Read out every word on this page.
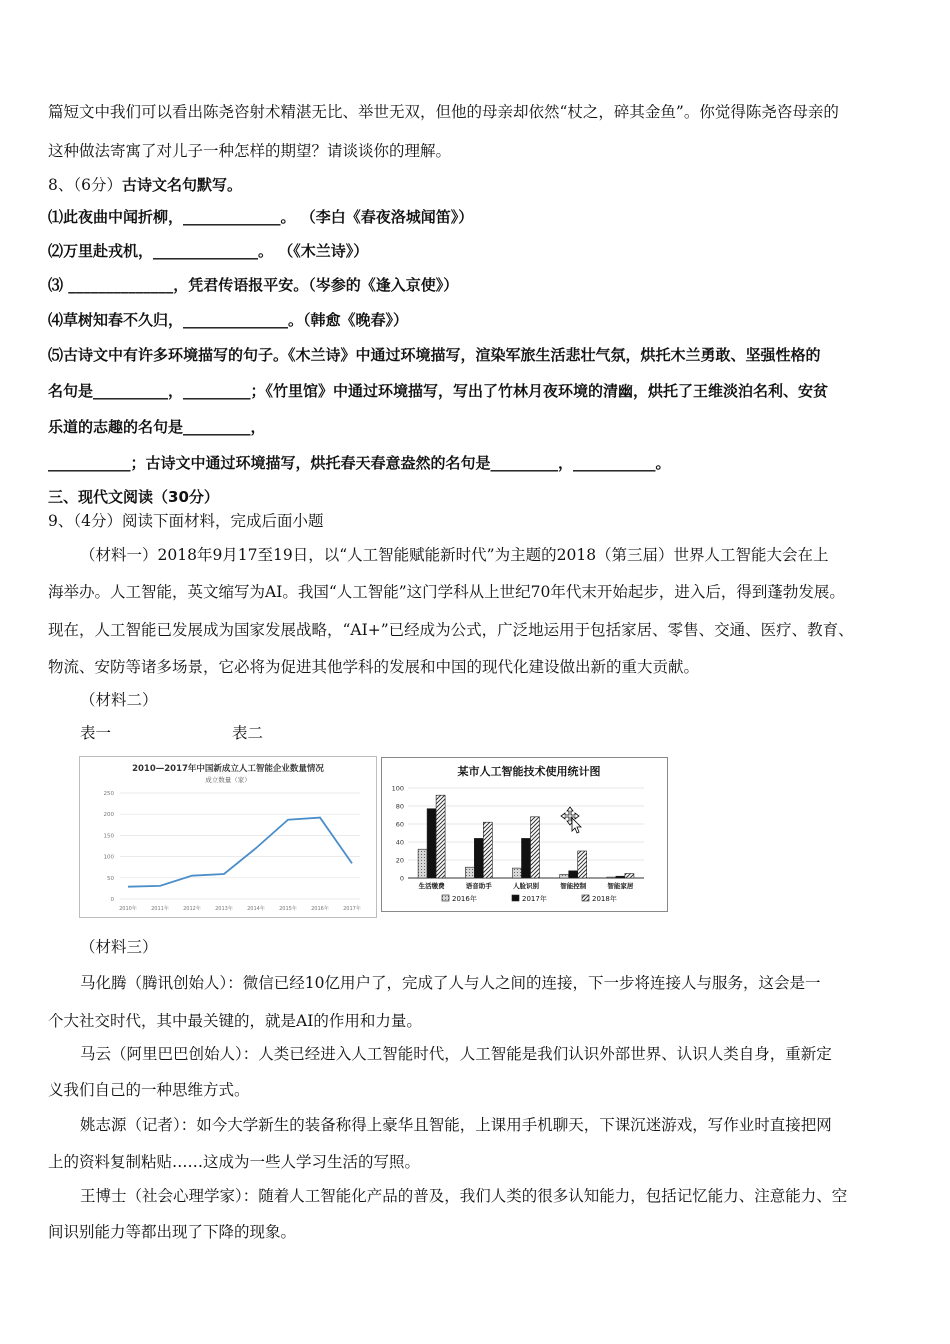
篇短文中我们可以看出陈尧咨射术精湛无比、举世无双，但他的母亲却依然“杖之，碎其金鱼”。你觉得陈尧咨母亲的
这种做法寄寓了对儿子一种怎样的期望？请谈谈你的理解。
8、（6分）古诗文名句默写。
⑴此夜曲中闻折柳，_____________。 （李白《春夜洛城闻笛》）
⑵万里赴戎机，______________。 （《木兰诗》）
⑶ ______________，凭君传语报平安。（岑参的《逢入京使》）
⑷草树知春不久归，______________。（韩愈《晚春》）
⑸古诗文中有许多环境描写的句子。《木兰诗》中通过环境描写，渲染军旅生活悲壮气氛，烘托木兰勇敢、坚强性格的
名句是__________，_________；《竹里馆》中通过环境描写，写出了竹林月夜环境的清幽，烘托了王维淡泊名利、安贫
乐道的志趣的名句是_________，
___________；古诗文中通过环境描写，烘托春天春意盎然的名句是_________，___________。
三、现代文阅读（30分）
9、（4分）阅读下面材料，完成后面小题
（材料一）2018年9月17至19日，以“人工智能赋能新时代”为主题的2018（第三届）世界人工智能大会在上
海举办。人工智能，英文缩写为AI。我国“人工智能”这门学科从上世纪70年代末开始起步，进入后，得到蓬勃发展。
现在，人工智能已发展成为国家发展战略，“AI+”已经成为公式，广泛地运用于包括家居、零售、交通、医疗、教育、
物流、安防等诸多场景，它必将为促进其他学科的发展和中国的现代化建设做出新的重大贡献。
（材料二）
表一	表二
2010—2017年中国新成立人工智能企业数量情况
成立数量（家）
0
50
100
150
200
250
2010年	2011年	2012年	2013年	2014年	2015年	2016年	2017年
某市人工智能技术使用统计图
0
20
40
60
80
100
生活缴费	语音助手	人脸识别	智能控制	智能家居
2016年	2017年	2018年
（材料三）
马化腾（腾讯创始人）：微信已经10亿用户了，完成了人与人之间的连接，下一步将连接人与服务，这会是一
个大社交时代，其中最关键的，就是AI的作用和力量。
马云（阿里巴巴创始人）：人类已经进入人工智能时代，人工智能是我们认识外部世界、认识人类自身，重新定
义我们自己的一种思维方式。
姚志源（记者）：如今大学新生的装备称得上豪华且智能，上课用手机聊天，下课沉迷游戏，写作业时直接把网
上的资料复制粘贴……这成为一些人学习生活的写照。
王博士（社会心理学家）：随着人工智能化产品的普及，我们人类的很多认知能力，包括记忆能力、注意能力、空
间识别能力等都出现了下降的现象。
